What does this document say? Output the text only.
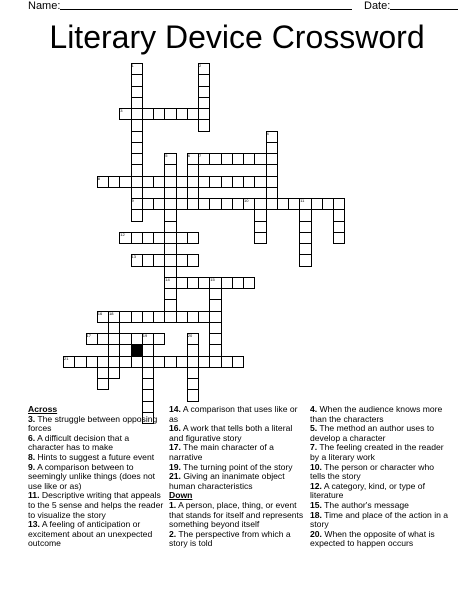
Name:	Date:
Literary Device Crossword
1	2
3
4
5	6 7
8
9	10	11
12
13
14	15
16
17
18
19	20
21

Across

3. The struggle between opposing forces

6. A difficult decision that a character has to make

8. Hints to suggest a future event

9. A comparison between to seemingly unlike things (does not use like or as)

11. Descriptive writing that appeals to the 5 sense and helps the reader to visualize the story

13. A feeling of anticipation or excitement about an unexpected outcome

14. A comparison that uses like or as

16. A work that tells both a literal and figurative story

17. The main character of a narrative

19. The turning point of the story

21. Giving an inanimate object human characteristics

Down

1. A person, place, thing, or event that stands for itself and represents something beyond itself

2. The perspective from which a story is told

4. When the audience knows more than the characters

5. The method an author uses to develop a character

7. The feeling created in the reader by a literary work

10. The person or character who tells the story

12. A category, kind, or type of literature

15. The author's message

18. Time and place of the action in a story

20. When the opposite of what is expected to happen occurs
